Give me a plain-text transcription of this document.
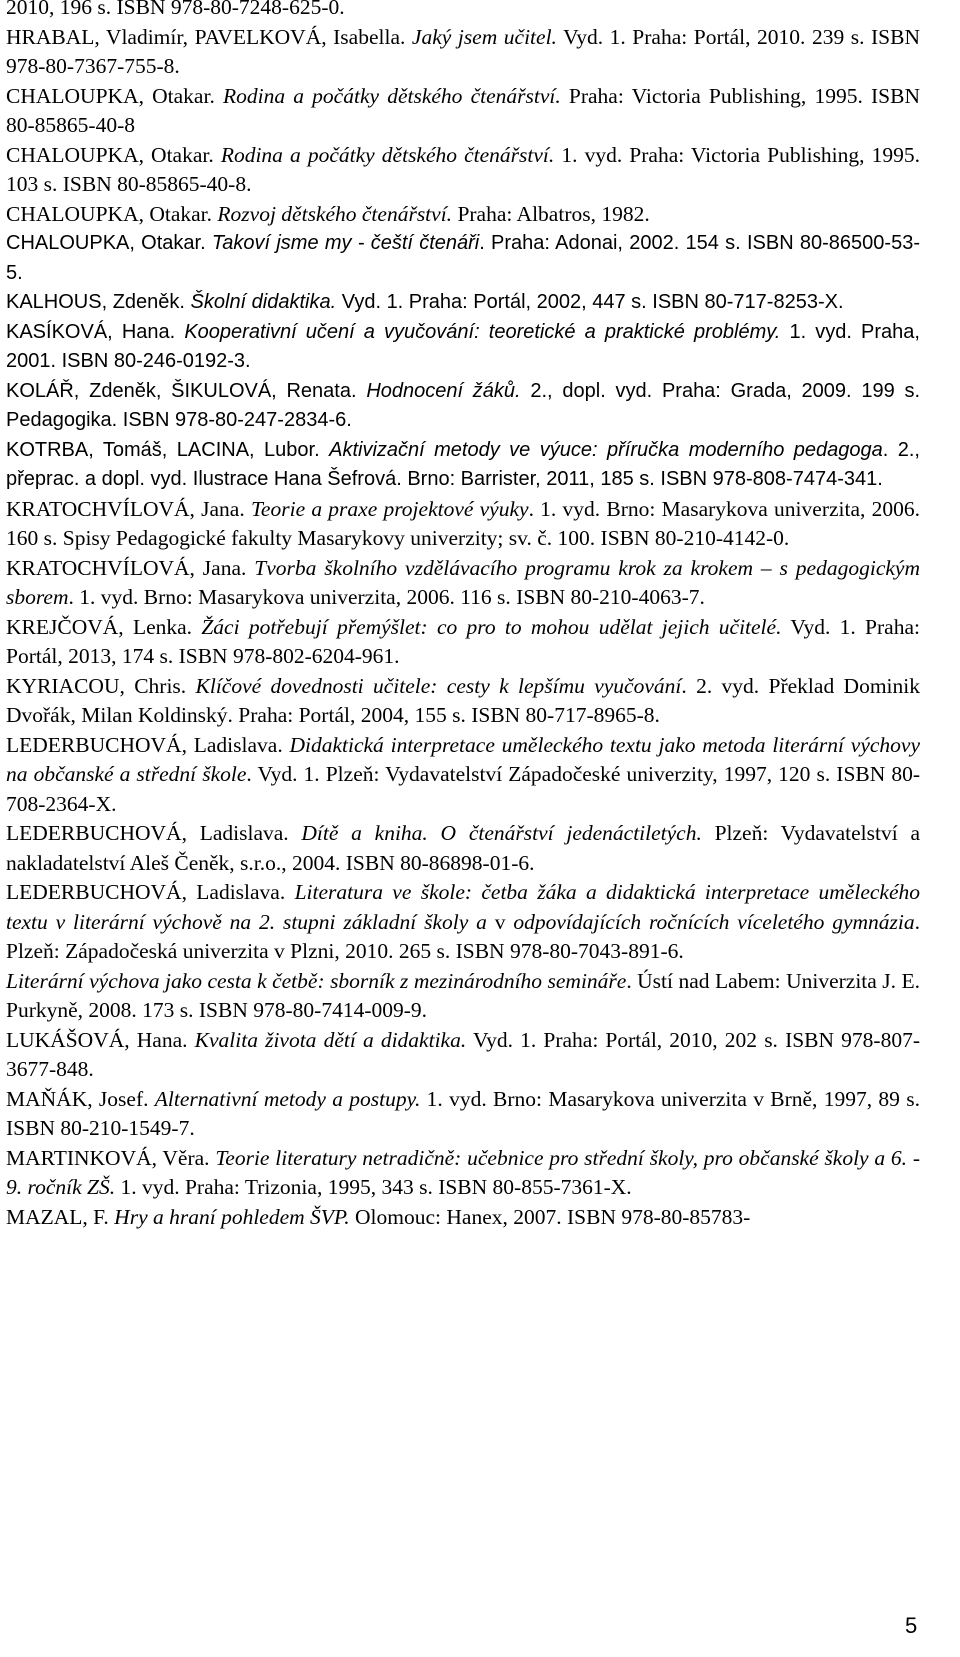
2010, 196 s. ISBN 978-80-7248-625-0.
HRABAL, Vladimír, PAVELKOVÁ, Isabella. Jaký jsem učitel. Vyd. 1. Praha: Portál, 2010. 239 s. ISBN 978-80-7367-755-8.
CHALOUPKA, Otakar. Rodina a počátky dětského čtenářství. Praha: Victoria Publishing, 1995. ISBN 80-85865-40-8
CHALOUPKA, Otakar. Rodina a počátky dětského čtenářství. 1. vyd. Praha: Victoria Publishing, 1995. 103 s. ISBN 80-85865-40-8.
CHALOUPKA, Otakar. Rozvoj dětského čtenářství. Praha: Albatros, 1982.
CHALOUPKA, Otakar. Takoví jsme my - čeští čtenáři. Praha: Adonai, 2002. 154 s. ISBN 80-86500-53-5.
KALHOUS, Zdeněk. Školní didaktika. Vyd. 1. Praha: Portál, 2002, 447 s. ISBN 80-717-8253-X.
KASÍKOVÁ, Hana. Kooperativní učení a vyučování: teoretické a praktické problémy. 1. vyd. Praha, 2001. ISBN 80-246-0192-3.
KOLÁŘ, Zdeněk, ŠIKULOVÁ, Renata. Hodnocení žáků. 2., dopl. vyd. Praha: Grada, 2009. 199 s. Pedagogika. ISBN 978-80-247-2834-6.
KOTRBA, Tomáš, LACINA, Lubor. Aktivizační metody ve výuce: příručka moderního pedagoga. 2., přeprac. a dopl. vyd. Ilustrace Hana Šefrová. Brno: Barrister, 2011, 185 s. ISBN 978-808-7474-341.
KRATOCHVÍLOVÁ, Jana. Teorie a praxe projektové výuky. 1. vyd. Brno: Masarykova univerzita, 2006. 160 s. Spisy Pedagogické fakulty Masarykovy univerzity; sv. č. 100. ISBN 80-210-4142-0.
KRATOCHVÍLOVÁ, Jana. Tvorba školního vzdělávacího programu krok za krokem – s pedagogickým sborem. 1. vyd. Brno: Masarykova univerzita, 2006. 116 s. ISBN 80-210-4063-7.
KREJČOVÁ, Lenka. Žáci potřebují přemýšlet: co pro to mohou udělat jejich učitelé. Vyd. 1. Praha: Portál, 2013, 174 s. ISBN 978-802-6204-961.
KYRIACOU, Chris. Klíčové dovednosti učitele: cesty k lepšímu vyučování. 2. vyd. Překlad Dominik Dvořák, Milan Koldinský. Praha: Portál, 2004, 155 s. ISBN 80-717-8965-8.
LEDERBUCHOVÁ, Ladislava. Didaktická interpretace uměleckého textu jako metoda literární výchovy na občanské a střední škole. Vyd. 1. Plzeň: Vydavatelství Západočeské univerzity, 1997, 120 s. ISBN 80-708-2364-X.
LEDERBUCHOVÁ, Ladislava. Dítě a kniha. O čtenářství jedenáctiletých. Plzeň: Vydavatelství a nakladatelství Aleš Čeněk, s.r.o., 2004. ISBN 80-86898-01-6.
LEDERBUCHOVÁ, Ladislava. Literatura ve škole: četba žáka a didaktická interpretace uměleckého textu v literární výchově na 2. stupni základní školy a v odpovídajících ročnících víceletého gymnázia. Plzeň: Západočeská univerzita v Plzni, 2010. 265 s. ISBN 978-80-7043-891-6.
Literární výchova jako cesta k četbě: sborník z mezinárodního semináře. Ústí nad Labem: Univerzita J. E. Purkyně, 2008. 173 s. ISBN 978-80-7414-009-9.
LUKÁŠOVÁ, Hana. Kvalita života dětí a didaktika. Vyd. 1. Praha: Portál, 2010, 202 s. ISBN 978-807-3677-848.
MAŇÁK, Josef. Alternativní metody a postupy. 1. vyd. Brno: Masarykova univerzita v Brně, 1997, 89 s. ISBN 80-210-1549-7.
MARTINKOVÁ, Věra. Teorie literatury netradičně: učebnice pro střední školy, pro občanské školy a 6. - 9. ročník ZŠ. 1. vyd. Praha: Trizonia, 1995, 343 s. ISBN 80-855-7361-X.
MAZAL, F. Hry a hraní pohledem ŠVP. Olomouc: Hanex, 2007. ISBN 978-80-85783-
5
